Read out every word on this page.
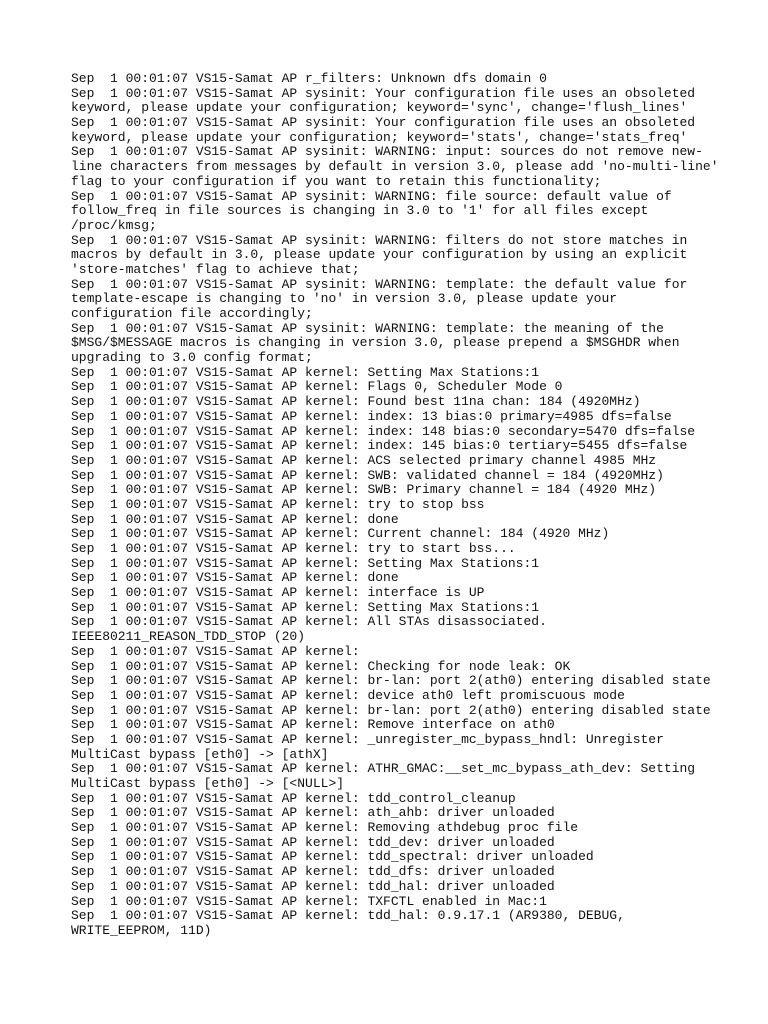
Sep  1 00:01:07 VS15-Samat AP r_filters: Unknown dfs domain 0
Sep  1 00:01:07 VS15-Samat AP sysinit: Your configuration file uses an obsoleted
keyword, please update your configuration; keyword='sync', change='flush_lines'
Sep  1 00:01:07 VS15-Samat AP sysinit: Your configuration file uses an obsoleted
keyword, please update your configuration; keyword='stats', change='stats_freq'
Sep  1 00:01:07 VS15-Samat AP sysinit: WARNING: input: sources do not remove new-
line characters from messages by default in version 3.0, please add 'no-multi-line'
flag to your configuration if you want to retain this functionality;
Sep  1 00:01:07 VS15-Samat AP sysinit: WARNING: file source: default value of
follow_freq in file sources is changing in 3.0 to '1' for all files except
/proc/kmsg;
Sep  1 00:01:07 VS15-Samat AP sysinit: WARNING: filters do not store matches in
macros by default in 3.0, please update your configuration by using an explicit
'store-matches' flag to achieve that;
Sep  1 00:01:07 VS15-Samat AP sysinit: WARNING: template: the default value for
template-escape is changing to 'no' in version 3.0, please update your
configuration file accordingly;
Sep  1 00:01:07 VS15-Samat AP sysinit: WARNING: template: the meaning of the
$MSG/$MESSAGE macros is changing in version 3.0, please prepend a $MSGHDR when
upgrading to 3.0 config format;
Sep  1 00:01:07 VS15-Samat AP kernel: Setting Max Stations:1
Sep  1 00:01:07 VS15-Samat AP kernel: Flags 0, Scheduler Mode 0
Sep  1 00:01:07 VS15-Samat AP kernel: Found best 11na chan: 184 (4920MHz)
Sep  1 00:01:07 VS15-Samat AP kernel: index: 13 bias:0 primary=4985 dfs=false
Sep  1 00:01:07 VS15-Samat AP kernel: index: 148 bias:0 secondary=5470 dfs=false
Sep  1 00:01:07 VS15-Samat AP kernel: index: 145 bias:0 tertiary=5455 dfs=false
Sep  1 00:01:07 VS15-Samat AP kernel: ACS selected primary channel 4985 MHz
Sep  1 00:01:07 VS15-Samat AP kernel: SWB: validated channel = 184 (4920MHz)
Sep  1 00:01:07 VS15-Samat AP kernel: SWB: Primary channel = 184 (4920 MHz)
Sep  1 00:01:07 VS15-Samat AP kernel: try to stop bss
Sep  1 00:01:07 VS15-Samat AP kernel: done
Sep  1 00:01:07 VS15-Samat AP kernel: Current channel: 184 (4920 MHz)
Sep  1 00:01:07 VS15-Samat AP kernel: try to start bss...
Sep  1 00:01:07 VS15-Samat AP kernel: Setting Max Stations:1
Sep  1 00:01:07 VS15-Samat AP kernel: done
Sep  1 00:01:07 VS15-Samat AP kernel: interface is UP
Sep  1 00:01:07 VS15-Samat AP kernel: Setting Max Stations:1
Sep  1 00:01:07 VS15-Samat AP kernel: All STAs disassociated.
IEEE80211_REASON_TDD_STOP (20)
Sep  1 00:01:07 VS15-Samat AP kernel:
Sep  1 00:01:07 VS15-Samat AP kernel: Checking for node leak: OK
Sep  1 00:01:07 VS15-Samat AP kernel: br-lan: port 2(ath0) entering disabled state
Sep  1 00:01:07 VS15-Samat AP kernel: device ath0 left promiscuous mode
Sep  1 00:01:07 VS15-Samat AP kernel: br-lan: port 2(ath0) entering disabled state
Sep  1 00:01:07 VS15-Samat AP kernel: Remove interface on ath0
Sep  1 00:01:07 VS15-Samat AP kernel: _unregister_mc_bypass_hndl: Unregister
MultiCast bypass [eth0] -> [athX]
Sep  1 00:01:07 VS15-Samat AP kernel: ATHR_GMAC:__set_mc_bypass_ath_dev: Setting
MultiCast bypass [eth0] -> [<NULL>]
Sep  1 00:01:07 VS15-Samat AP kernel: tdd_control_cleanup
Sep  1 00:01:07 VS15-Samat AP kernel: ath_ahb: driver unloaded
Sep  1 00:01:07 VS15-Samat AP kernel: Removing athdebug proc file
Sep  1 00:01:07 VS15-Samat AP kernel: tdd_dev: driver unloaded
Sep  1 00:01:07 VS15-Samat AP kernel: tdd_spectral: driver unloaded
Sep  1 00:01:07 VS15-Samat AP kernel: tdd_dfs: driver unloaded
Sep  1 00:01:07 VS15-Samat AP kernel: tdd_hal: driver unloaded
Sep  1 00:01:07 VS15-Samat AP kernel: TXFCTL enabled in Mac:1
Sep  1 00:01:07 VS15-Samat AP kernel: tdd_hal: 0.9.17.1 (AR9380, DEBUG,
WRITE_EEPROM, 11D)
